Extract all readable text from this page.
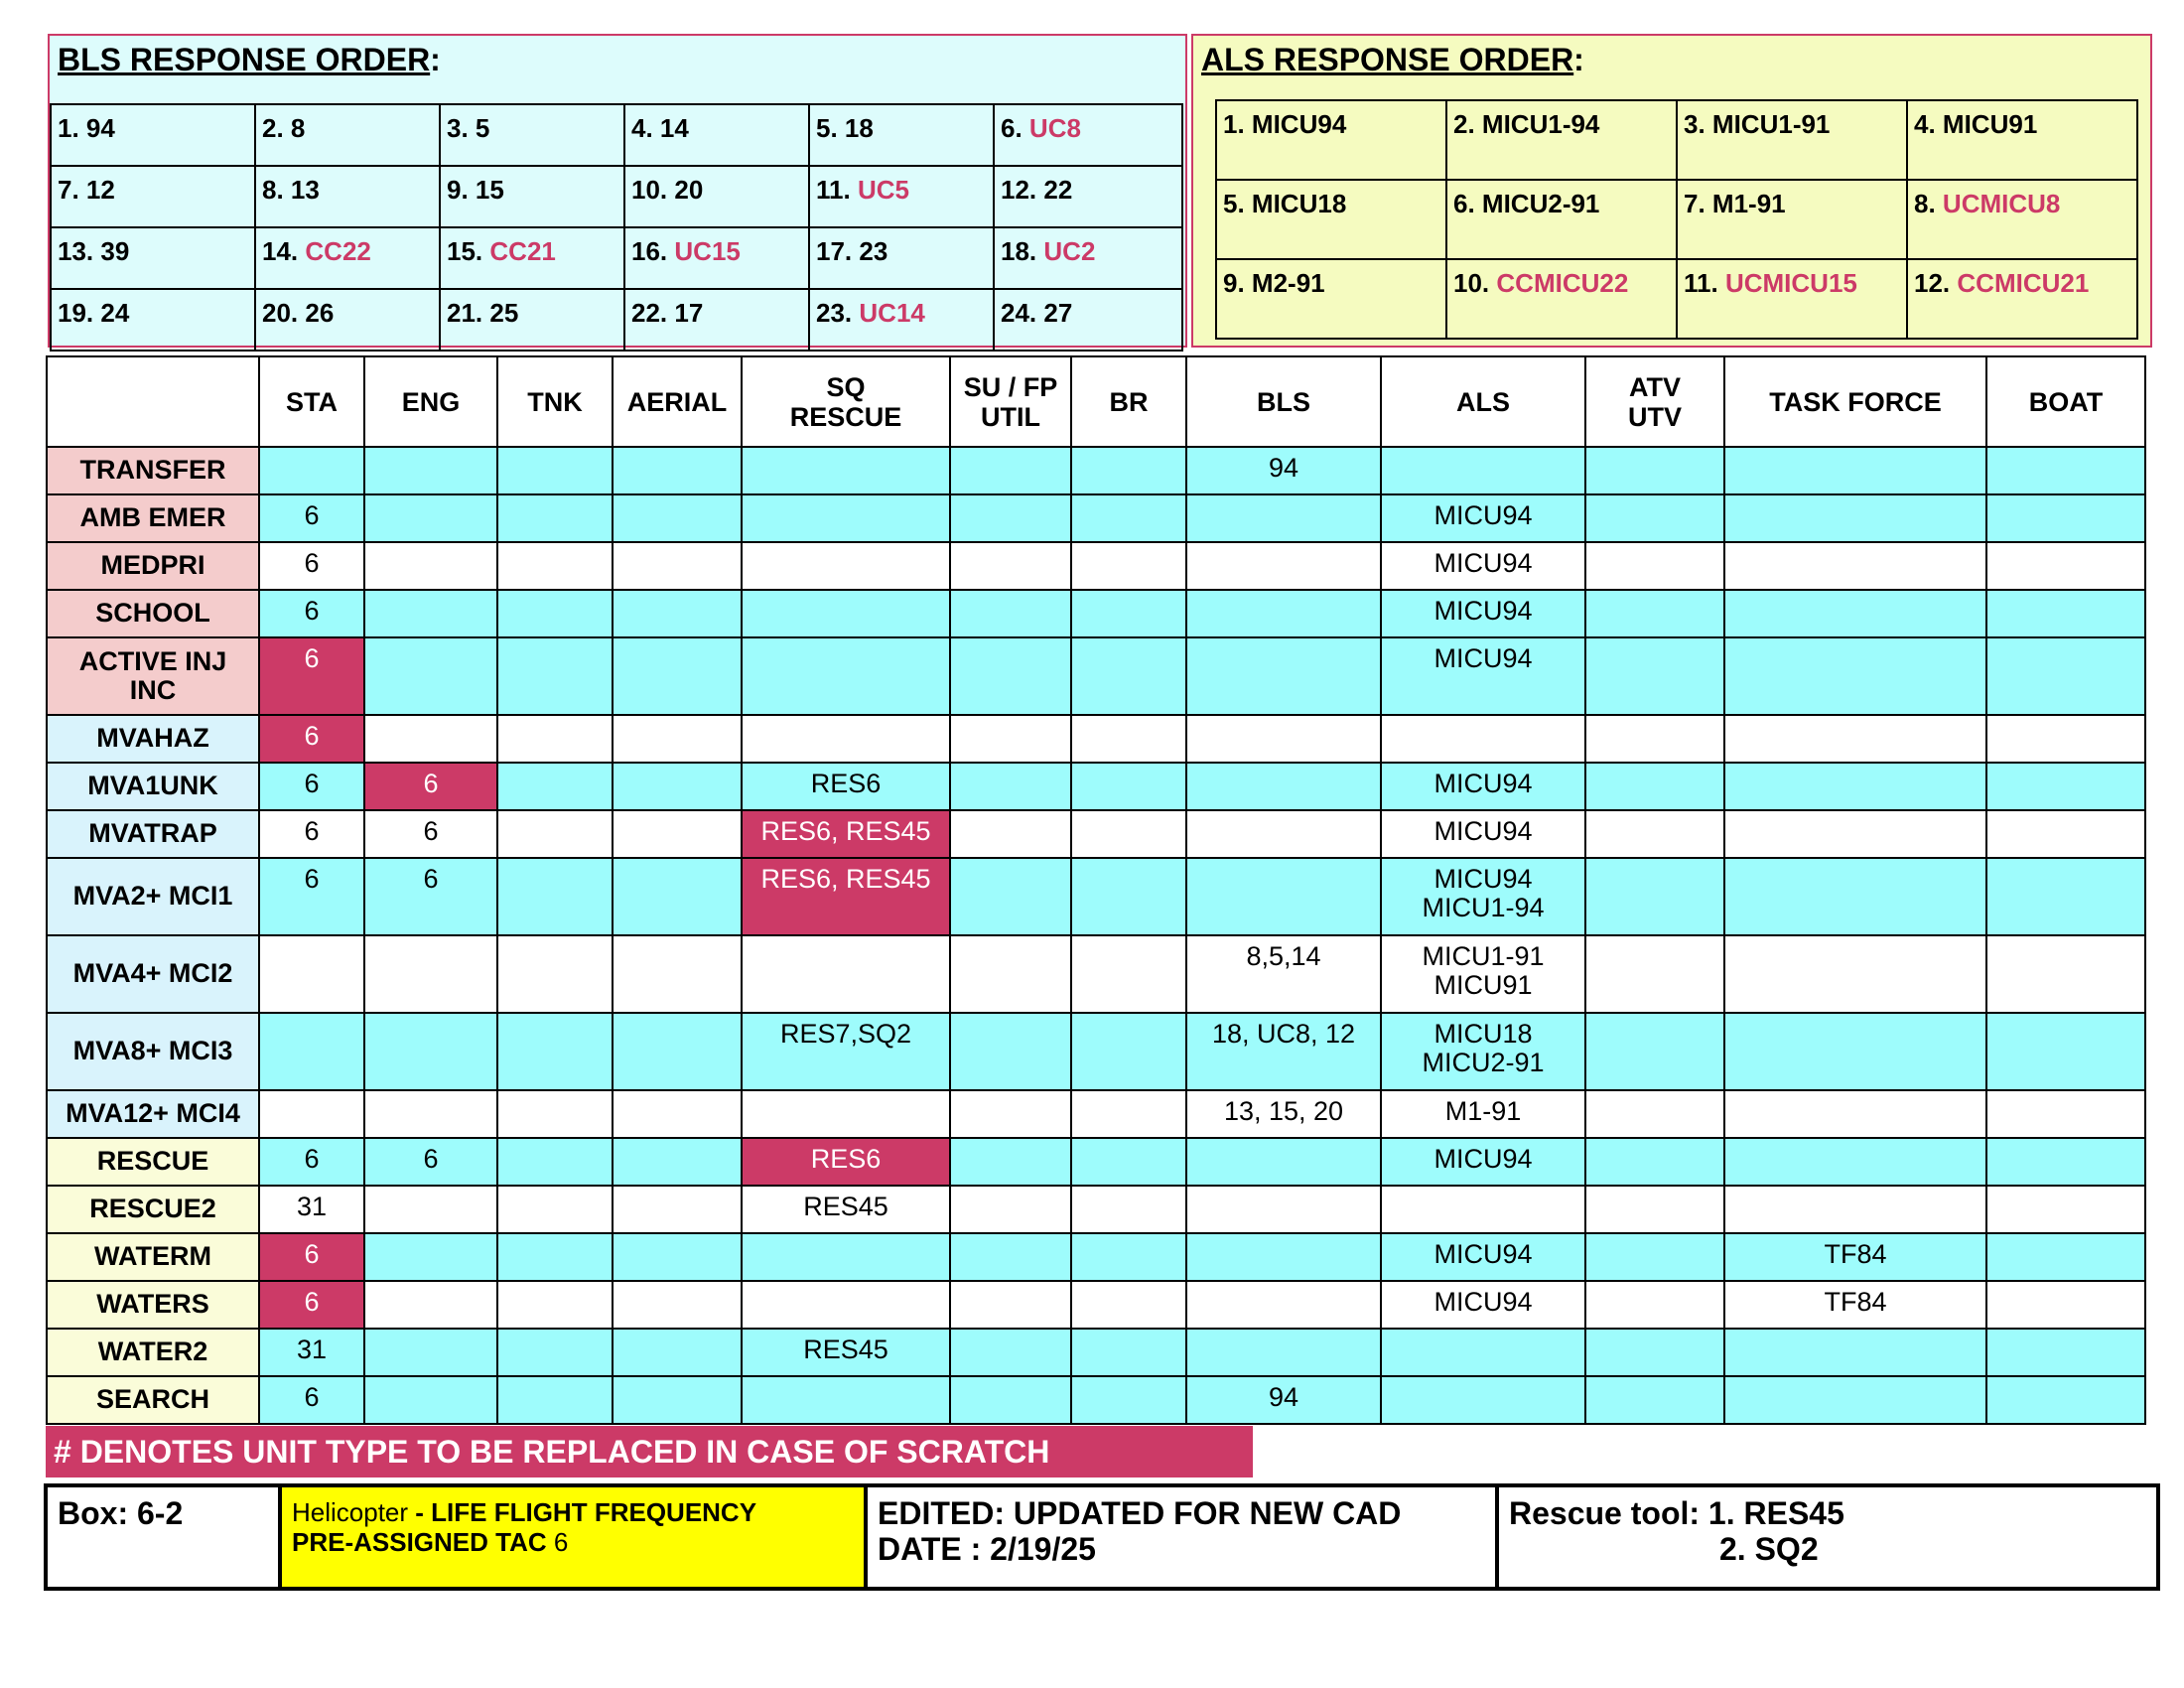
BLS RESPONSE ORDER:
1. 94	2. 8	3. 5	4. 14	5. 18	6. UC8
7. 12	8. 13	9. 15	10. 20	11. UC5	12. 22
13. 39	14. CC22	15. CC21	16. UC15	17. 23	18. UC2
19. 24	20. 26	21. 25	22. 17	23. UC14	24. 27
ALS RESPONSE ORDER:
1. MICU94	2. MICU1-94	3. MICU1-91	4. MICU91
5. MICU18	6. MICU2-91	7. M1-91	8. UCMICU8
9. M2-91	10. CCMICU22	11. UCMICU15	12. CCMICU21
	STA	ENG	TNK	AERIAL	SQ
RESCUE	SU / FP
UTIL	BR	BLS	ALS	ATV
UTV	TASK FORCE	BOAT
TRANSFER								94				
AMB EMER	6								MICU94			
MEDPRI	6								MICU94			
SCHOOL	6								MICU94			
ACTIVE INJ
INC	6								MICU94			
MVAHAZ	6											
MVA1UNK	6	6			RES6				MICU94			
MVATRAP	6	6			RES6, RES45				MICU94			
MVA2+ MCI1	6	6			RES6, RES45				MICU94
MICU1-94			
MVA4+ MCI2								8,5,14	MICU1-91
MICU91			
MVA8+ MCI3					RES7,SQ2			18, UC8, 12	MICU18
MICU2-91			
MVA12+ MCI4								13, 15, 20	M1-91			
RESCUE	6	6			RES6				MICU94			
RESCUE2	31				RES45							
WATERM	6								MICU94		TF84	
WATERS	6								MICU94		TF84	
WATER2	31				RES45							
SEARCH	6							94				
# DENOTES UNIT TYPE TO BE REPLACED IN CASE OF SCRATCH
Box: 6-2	Helicopter - LIFE FLIGHT FREQUENCY
PRE-ASSIGNED TAC 6	
EDITED: UPDATED FOR NEW CAD
DATE : 2/19/25

Rescue tool: 1. RES45
2. SQ2
